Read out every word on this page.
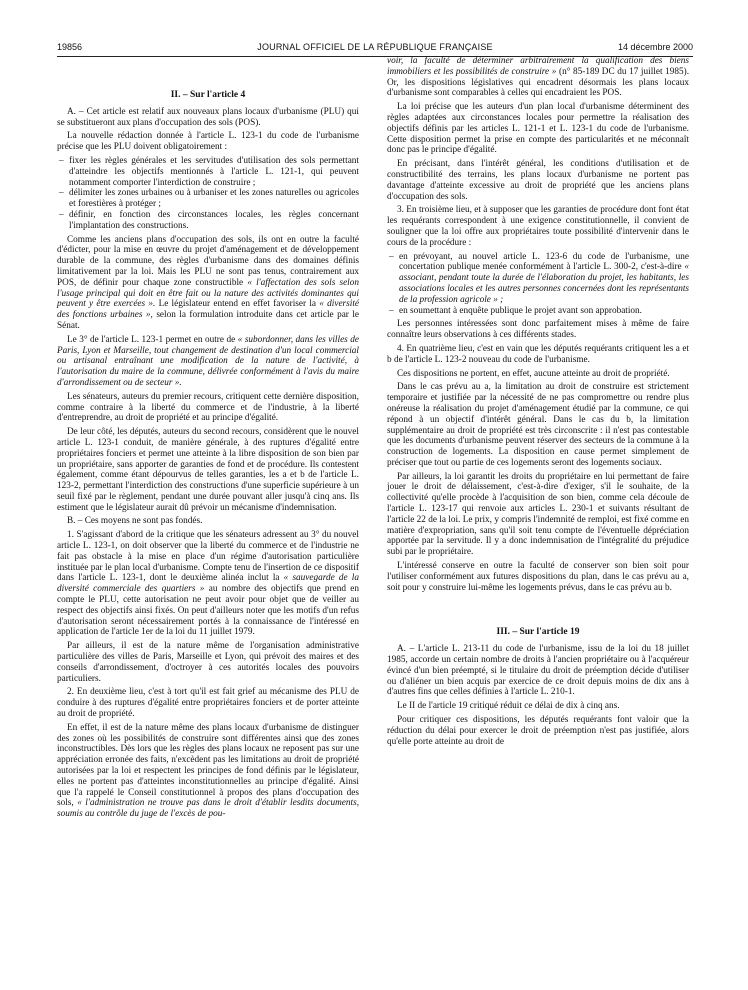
19856	JOURNAL OFFICIEL DE LA RÉPUBLIQUE FRANÇAISE	14 décembre 2000
II. – Sur l'article 4

A. – Cet article est relatif aux nouveaux plans locaux d'urbanisme (PLU) qui se substitueront aux plans d'occupation des sols (POS).

La nouvelle rédaction donnée à l'article L. 123-1 du code de l'urbanisme précise que les PLU doivent obligatoirement :

– fixer les règles générales et les servitudes d'utilisation des sols permettant d'atteindre les objectifs mentionnés à l'article L. 121-1, qui peuvent notamment comporter l'interdiction de construire ;
– délimiter les zones urbaines ou à urbaniser et les zones naturelles ou agricoles et forestières à protéger ;
– définir, en fonction des circonstances locales, les règles concernant l'implantation des constructions.

Comme les anciens plans d'occupation des sols, ils ont en outre la faculté d'édicter, pour la mise en œuvre du projet d'aménagement et de développement durable de la commune, des règles d'urbanisme dans des domaines définis limitativement par la loi. Mais les PLU ne sont pas tenus, contrairement aux POS, de définir pour chaque zone constructible « l'affectation des sols selon l'usage principal qui doit en être fait ou la nature des activités dominantes qui peuvent y être exercées ». Le législateur entend en effet favoriser la « diversité des fonctions urbaines », selon la formulation introduite dans cet article par le Sénat.

Le 3° de l'article L. 123-1 permet en outre de « subordonner, dans les villes de Paris, Lyon et Marseille, tout changement de destination d'un local commercial ou artisanal entraînant une modification de la nature de l'activité, à l'autorisation du maire de la commune, délivrée conformément à l'avis du maire d'arrondissement ou de secteur ».

Les sénateurs, auteurs du premier recours, critiquent cette dernière disposition, comme contraire à la liberté du commerce et de l'industrie, à la liberté d'entreprendre, au droit de propriété et au principe d'égalité.

De leur côté, les députés, auteurs du second recours, considèrent que le nouvel article L. 123-1 conduit, de manière générale, à des ruptures d'égalité entre propriétaires fonciers et permet une atteinte à la libre disposition de son bien par un propriétaire, sans apporter de garanties de fond et de procédure. Ils contestent également, comme étant dépourvus de telles garanties, les a et b de l'article L. 123-2, permettant l'interdiction des constructions d'une superficie supérieure à un seuil fixé par le règlement, pendant une durée pouvant aller jusqu'à cinq ans. Ils estiment que le législateur aurait dû prévoir un mécanisme d'indemnisation.

B. – Ces moyens ne sont pas fondés.

1. S'agissant d'abord de la critique que les sénateurs adressent au 3° du nouvel article L. 123-1, on doit observer que la liberté du commerce et de l'industrie ne fait pas obstacle à la mise en place d'un régime d'autorisation particulière instituée par le plan local d'urbanisme. Compte tenu de l'insertion de ce dispositif dans l'article L. 123-1, dont le deuxième alinéa inclut la « sauvegarde de la diversité commerciale des quartiers » au nombre des objectifs que prend en compte le PLU, cette autorisation ne peut avoir pour objet que de veiller au respect des objectifs ainsi fixés. On peut d'ailleurs noter que les motifs d'un refus d'autorisation seront nécessairement portés à la connaissance de l'intéressé en application de l'article 1er de la loi du 11 juillet 1979.

Par ailleurs, il est de la nature même de l'organisation administrative particulière des villes de Paris, Marseille et Lyon, qui prévoit des maires et des conseils d'arrondissement, d'octroyer à ces autorités locales des pouvoirs particuliers.

2. En deuxième lieu, c'est à tort qu'il est fait grief au mécanisme des PLU de conduire à des ruptures d'égalité entre propriétaires fonciers et de porter atteinte au droit de propriété.

En effet, il est de la nature même des plans locaux d'urbanisme de distinguer des zones où les possibilités de construire sont différentes ainsi que des zones inconstructibles. Dès lors que les règles des plans locaux ne reposent pas sur une appréciation erronée des faits, n'excèdent pas les limitations au droit de propriété autorisées par la loi et respectent les principes de fond définis par le législateur, elles ne portent pas d'atteintes inconstitutionnelles au principe d'égalité. Ainsi que l'a rappelé le Conseil constitutionnel à propos des plans d'occupation des sols, « l'administration ne trouve pas dans le droit d'établir lesdits documents, soumis au contrôle du juge de l'excès de pou-

voir, la faculté de déterminer arbitrairement la qualification des biens immobiliers et les possibilités de construire » (n° 85-189 DC du 17 juillet 1985). Or, les dispositions législatives qui encadrent désormais les plans locaux d'urbanisme sont comparables à celles qui encadraient les POS.

La loi précise que les auteurs d'un plan local d'urbanisme déterminent des règles adaptées aux circonstances locales pour permettre la réalisation des objectifs définis par les articles L. 121-1 et L. 123-1 du code de l'urbanisme. Cette disposition permet la prise en compte des particularités et ne méconnaît donc pas le principe d'égalité.

En précisant, dans l'intérêt général, les conditions d'utilisation et de constructibilité des terrains, les plans locaux d'urbanisme ne portent pas davantage d'atteinte excessive au droit de propriété que les anciens plans d'occupation des sols.

3. En troisième lieu, et à supposer que les garanties de procédure dont font état les requérants correspondent à une exigence constitutionnelle, il convient de souligner que la loi offre aux propriétaires toute possibilité d'intervenir dans le cours de la procédure :

– en prévoyant, au nouvel article L. 123-6 du code de l'urbanisme, une concertation publique menée conformément à l'article L. 300-2, c'est-à-dire « associant, pendant toute la durée de l'élaboration du projet, les habitants, les associations locales et les autres personnes concernées dont les représentants de la profession agricole » ;
– en soumettant à enquête publique le projet avant son approbation.

Les personnes intéressées sont donc parfaitement mises à même de faire connaître leurs observations à ces différents stades.

4. En quatrième lieu, c'est en vain que les députés requérants critiquent les a et b de l'article L. 123-2 nouveau du code de l'urbanisme.

Ces dispositions ne portent, en effet, aucune atteinte au droit de propriété.

Dans le cas prévu au a, la limitation au droit de construire est strictement temporaire et justifiée par la nécessité de ne pas compromettre ou rendre plus onéreuse la réalisation du projet d'aménagement étudié par la commune, ce qui répond à un objectif d'intérêt général. Dans le cas du b, la limitation supplémentaire au droit de propriété est très circonscrite : il n'est pas contestable que les documents d'urbanisme peuvent réserver des secteurs de la commune à la construction de logements. La disposition en cause permet simplement de préciser que tout ou partie de ces logements seront des logements sociaux.

Par ailleurs, la loi garantit les droits du propriétaire en lui permettant de faire jouer le droit de délaissement, c'est-à-dire d'exiger, s'il le souhaite, de la collectivité qu'elle procède à l'acquisition de son bien, comme cela découle de l'article L. 123-17 qui renvoie aux articles L. 230-1 et suivants résultant de l'article 22 de la loi. Le prix, y compris l'indemnité de remploi, est fixé comme en matière d'expropriation, sans qu'il soit tenu compte de l'éventuelle dépréciation apportée par la servitude. Il y a donc indemnisation de l'intégralité du préjudice subi par le propriétaire.

L'intéressé conserve en outre la faculté de conserver son bien soit pour l'utiliser conformément aux futures dispositions du plan, dans le cas prévu au a, soit pour y construire lui-même les logements prévus, dans le cas prévu au b.

III. – Sur l'article 19

A. – L'article L. 213-11 du code de l'urbanisme, issu de la loi du 18 juillet 1985, accorde un certain nombre de droits à l'ancien propriétaire ou à l'acquéreur évincé d'un bien préempté, si le titulaire du droit de préemption décide d'utiliser ou d'aliéner un bien acquis par exercice de ce droit depuis moins de dix ans à d'autres fins que celles définies à l'article L. 210-1.

Le II de l'article 19 critiqué réduit ce délai de dix à cinq ans.

Pour critiquer ces dispositions, les députés requérants font valoir que la réduction du délai pour exercer le droit de préemption n'est pas justifiée, alors qu'elle porte atteinte au droit de
